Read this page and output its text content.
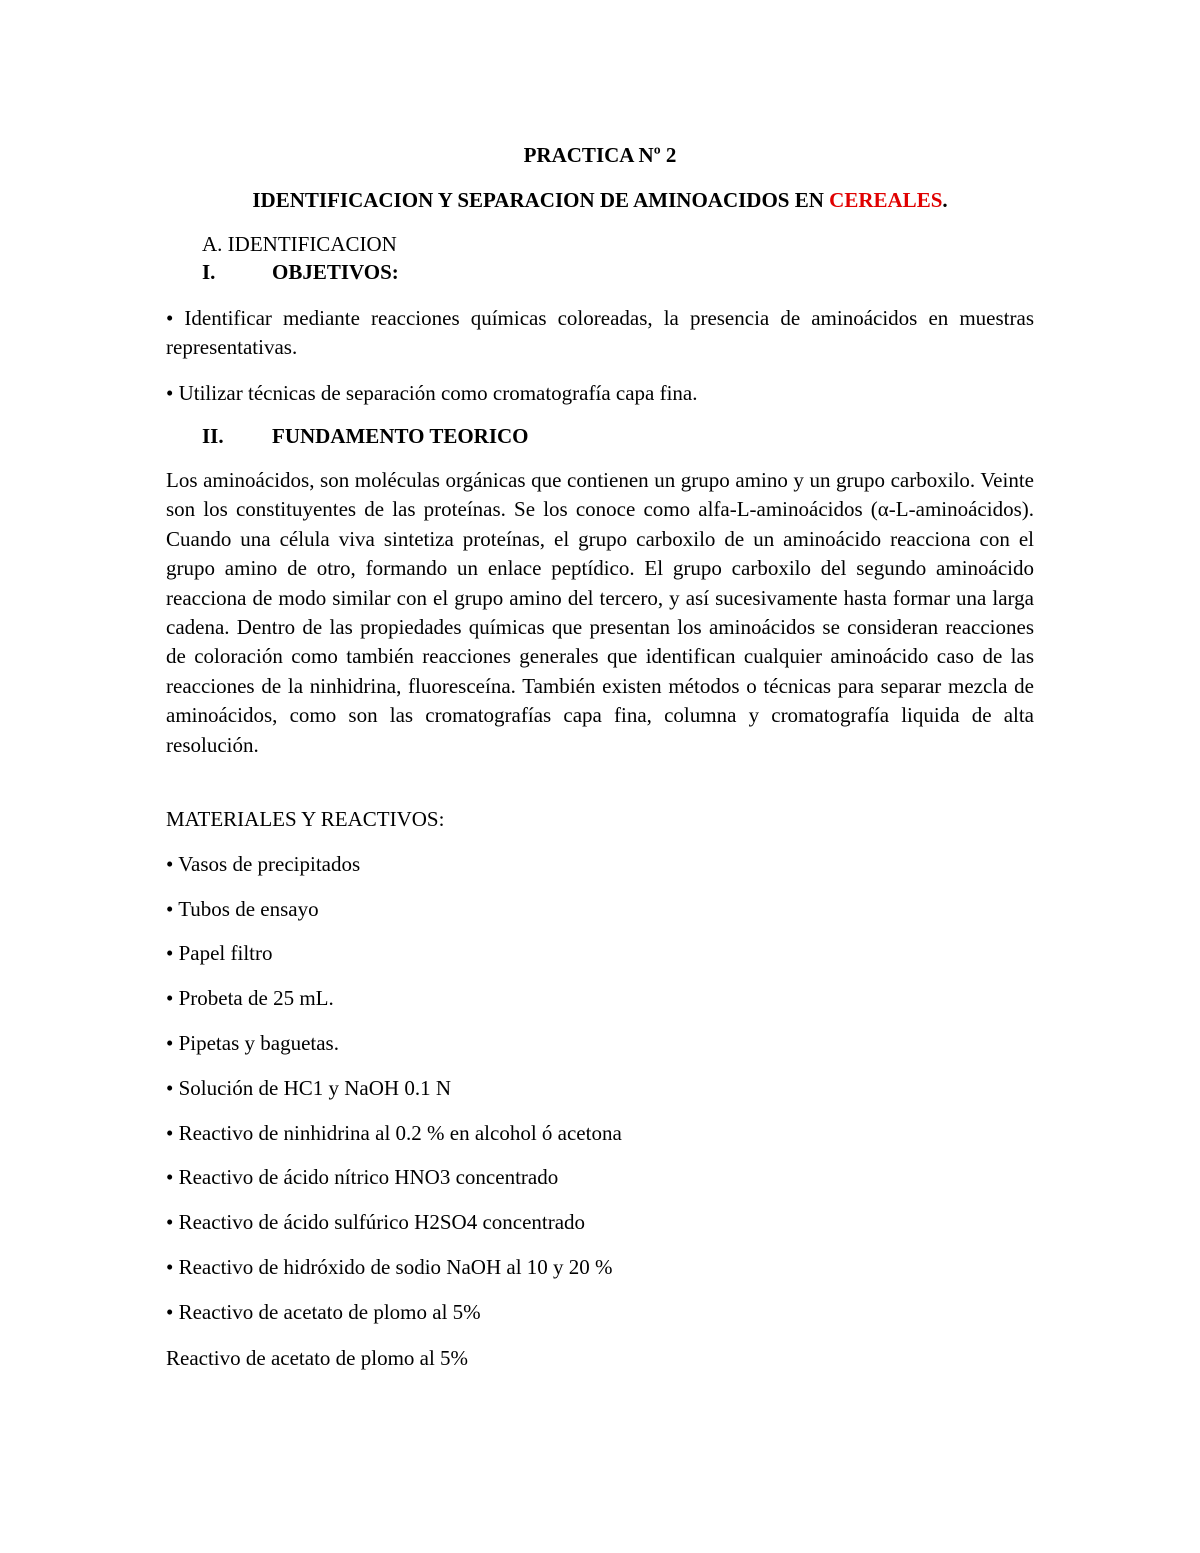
PRACTICA Nº 2
IDENTIFICACION Y SEPARACION DE AMINOACIDOS EN CEREALES.
A. IDENTIFICACION
I.	OBJETIVOS:
• Identificar mediante reacciones químicas coloreadas, la presencia de aminoácidos en muestras representativas.
• Utilizar técnicas de separación como cromatografía capa fina.
II. FUNDAMENTO TEORICO
Los aminoácidos, son moléculas orgánicas que contienen un grupo amino y un grupo carboxilo. Veinte son los constituyentes de las proteínas. Se los conoce como alfa-L-aminoácidos (α-L-aminoácidos). Cuando una célula viva sintetiza proteínas, el grupo carboxilo de un aminoácido reacciona con el grupo amino de otro, formando un enlace peptídico. El grupo carboxilo del segundo aminoácido reacciona de modo similar con el grupo amino del tercero, y así sucesivamente hasta formar una larga cadena. Dentro de las propiedades químicas que presentan los aminoácidos se consideran reacciones de coloración como también reacciones generales que identifican cualquier aminoácido caso de las reacciones de la ninhidrina, fluoresceína. También existen métodos o técnicas para separar mezcla de aminoácidos, como son las cromatografías capa fina, columna y cromatografía liquida de alta resolución.
MATERIALES Y REACTIVOS:
• Vasos de precipitados
• Tubos de ensayo
• Papel filtro
• Probeta de 25 mL.
• Pipetas y baguetas.
• Solución de HC1 y NaOH 0.1 N
• Reactivo de ninhidrina al 0.2 % en alcohol ó acetona
• Reactivo de ácido nítrico HNO3 concentrado
• Reactivo de ácido sulfúrico H2SO4 concentrado
• Reactivo de hidróxido de sodio NaOH al 10 y 20 %
• Reactivo de acetato de plomo al 5%
Reactivo de acetato de plomo al 5%
